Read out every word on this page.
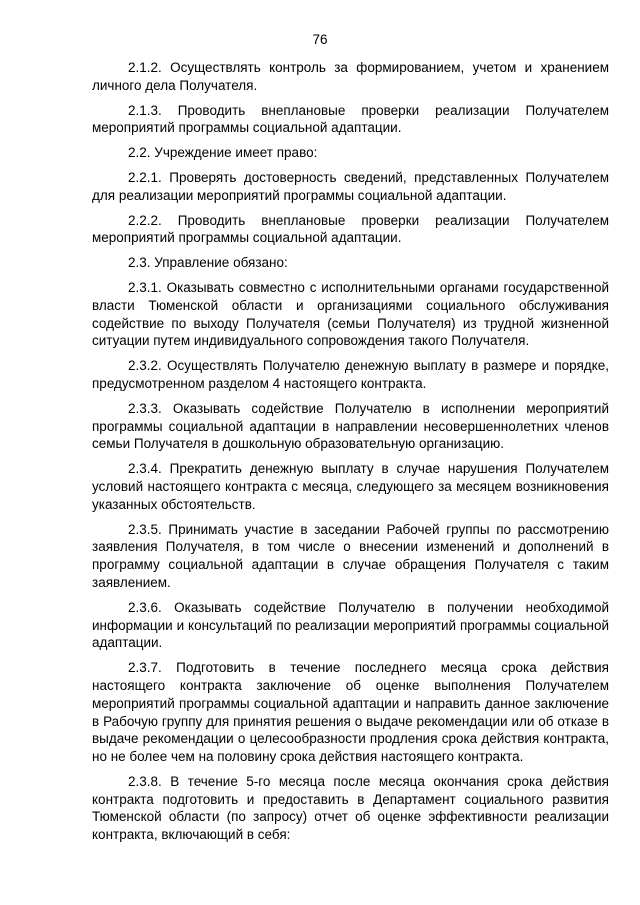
76

2.1.2. Осуществлять контроль за формированием, учетом и хранением личного дела Получателя.

2.1.3. Проводить внеплановые проверки реализации Получателем мероприятий программы социальной адаптации.

2.2. Учреждение имеет право:

2.2.1. Проверять достоверность сведений, представленных Получателем для реализации мероприятий программы социальной адаптации.

2.2.2. Проводить внеплановые проверки реализации Получателем мероприятий программы социальной адаптации.

2.3. Управление обязано:

2.3.1. Оказывать совместно с исполнительными органами государственной власти Тюменской области и организациями социального обслуживания содействие по выходу Получателя (семьи Получателя) из трудной жизненной ситуации путем индивидуального сопровождения такого Получателя.

2.3.2. Осуществлять Получателю денежную выплату в размере и порядке, предусмотренном разделом 4 настоящего контракта.

2.3.3. Оказывать содействие Получателю в исполнении мероприятий программы социальной адаптации в направлении несовершеннолетних членов семьи Получателя в дошкольную образовательную организацию.

2.3.4. Прекратить денежную выплату в случае нарушения Получателем условий настоящего контракта с месяца, следующего за месяцем возникновения указанных обстоятельств.

2.3.5. Принимать участие в заседании Рабочей группы по рассмотрению заявления Получателя, в том числе о внесении изменений и дополнений в программу социальной адаптации в случае обращения Получателя с таким заявлением.

2.3.6. Оказывать содействие Получателю в получении необходимой информации и консультаций по реализации мероприятий программы социальной адаптации.

2.3.7. Подготовить в течение последнего месяца срока действия настоящего контракта заключение об оценке выполнения Получателем мероприятий программы социальной адаптации и направить данное заключение в Рабочую группу для принятия решения о выдаче рекомендации или об отказе в выдаче рекомендации о целесообразности продления срока действия контракта, но не более чем на половину срока действия настоящего контракта.

2.3.8. В течение 5-го месяца после месяца окончания срока действия контракта подготовить и предоставить в Департамент социального развития Тюменской области (по запросу) отчет об оценке эффективности реализации контракта, включающий в себя:
